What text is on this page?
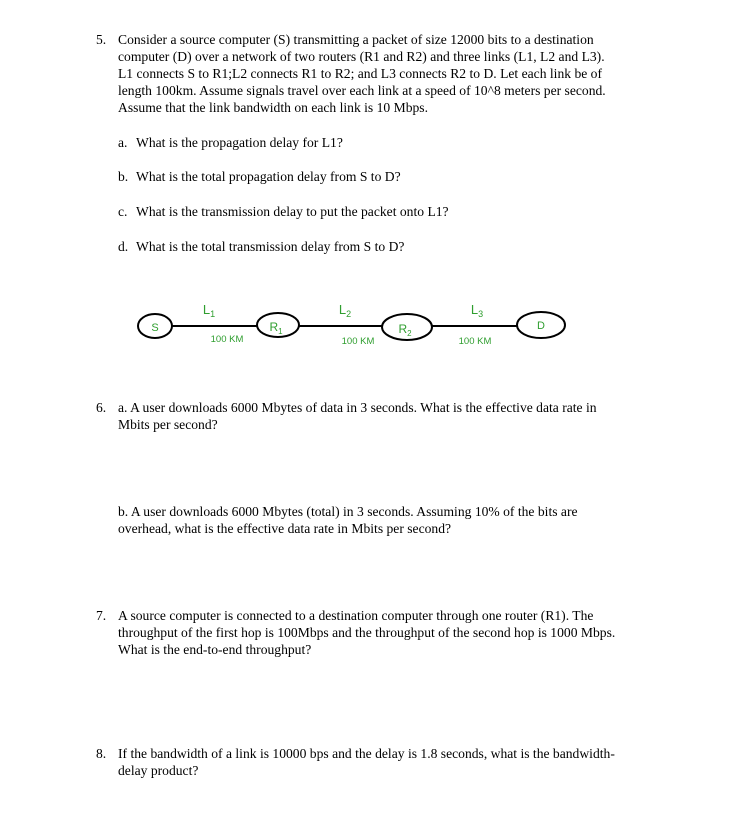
5. Consider a source computer (S) transmitting a packet of size 12000 bits to a destination
computer (D) over a network of two routers (R1 and R2) and three links (L1, L2 and L3).
L1 connects S to R1;L2 connects R1 to R2; and L3 connects R2 to D. Let each link be of
length 100km. Assume signals travel over each link at a speed of 10^8 meters per second.
Assume that the link bandwidth on each link is 10 Mbps.
a. What is the propagation delay for L1?
b. What is the total propagation delay from S to D?
c. What is the transmission delay to put the packet onto L1?
d. What is the total transmission delay from S to D?
S	$R_1$	$R_2$
D
$L_1$	$L_2$	$L_3$
100 KM	100 KM	100 KM
6. a. A user downloads 6000 Mbytes of data in 3 seconds. What is the effective data rate in
Mbits per second?
b. A user downloads 6000 Mbytes (total) in 3 seconds. Assuming 10% of the bits are
overhead, what is the effective data rate in Mbits per second?
7. A source computer is connected to a destination computer through one router (R1). The
throughput of the first hop is 100Mbps and the throughput of the second hop is 1000 Mbps.
What is the end-to-end throughput?
8. If the bandwidth of a link is 10000 bps and the delay is 1.8 seconds, what is the bandwidth-
delay product?
